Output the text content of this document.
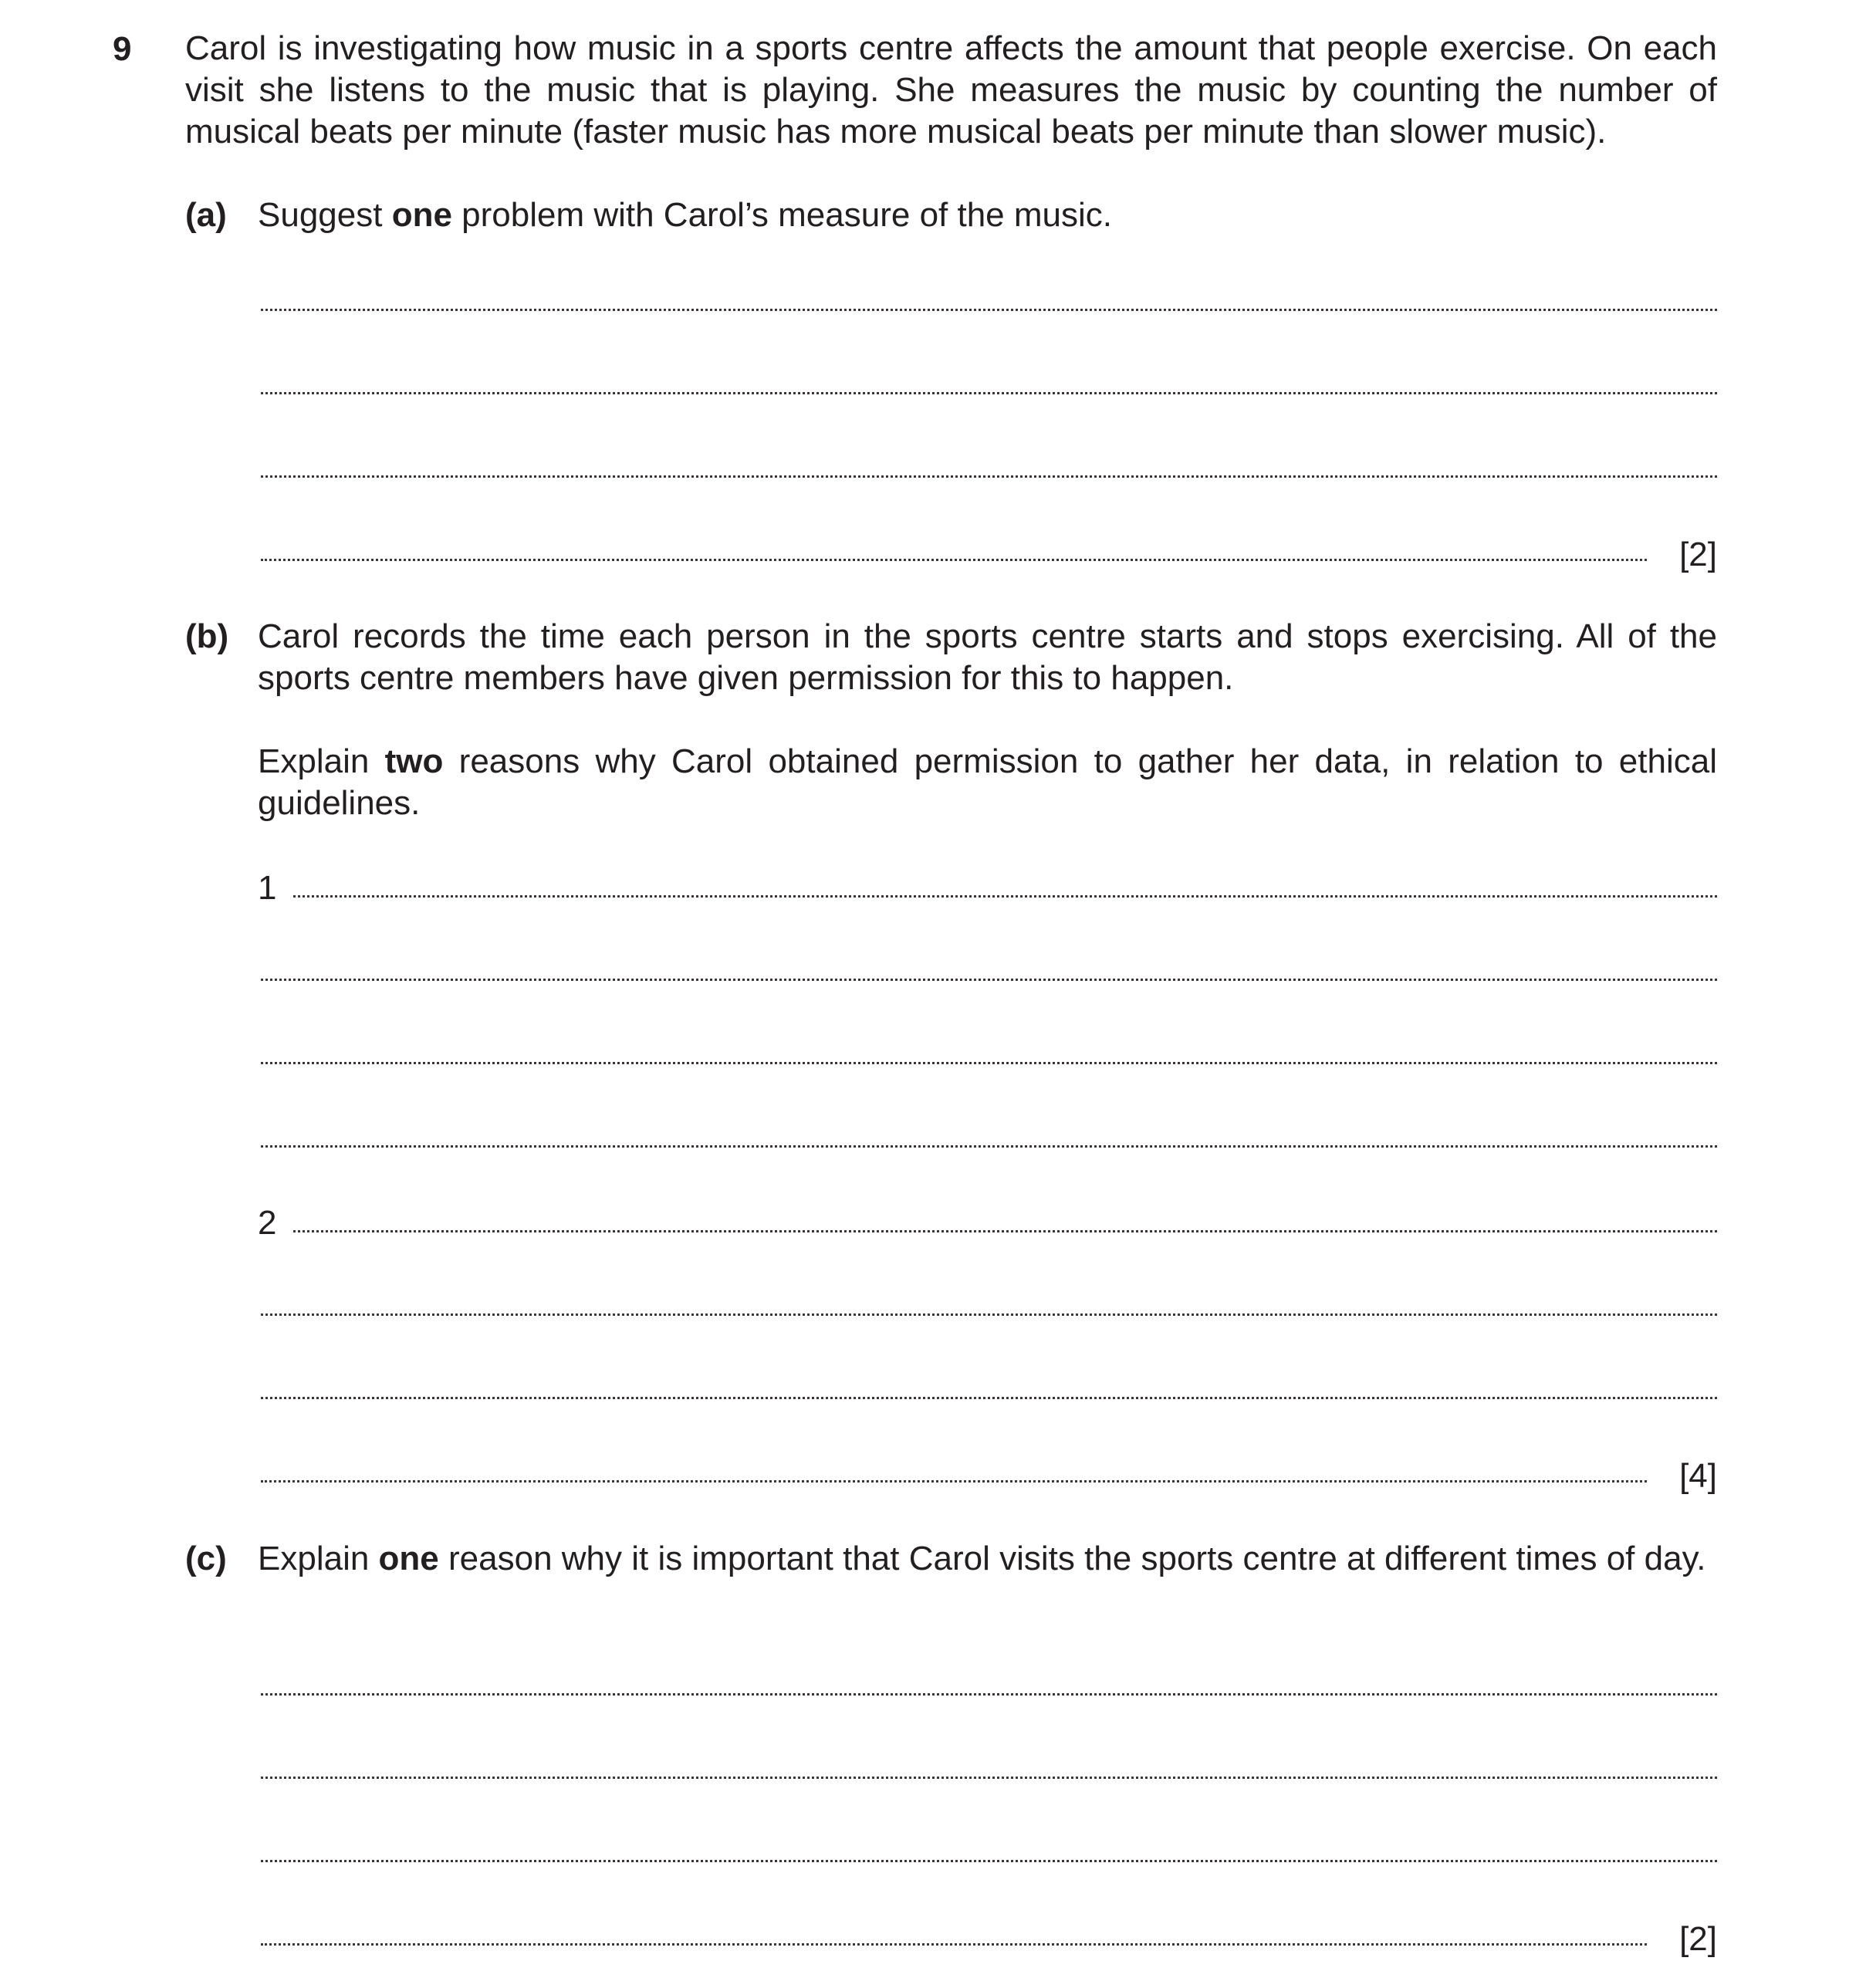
9 Carol is investigating how music in a sports centre affects the amount that people exercise. On each visit she listens to the music that is playing. She measures the music by counting the number of musical beats per minute (faster music has more musical beats per minute than slower music).
(a) Suggest one problem with Carol’s measure of the music.
[2]
(b) Carol records the time each person in the sports centre starts and stops exercising. All of the sports centre members have given permission for this to happen.
Explain two reasons why Carol obtained permission to gather her data, in relation to ethical guidelines.
1
2
[4]
(c) Explain one reason why it is important that Carol visits the sports centre at different times of day.
[2]
